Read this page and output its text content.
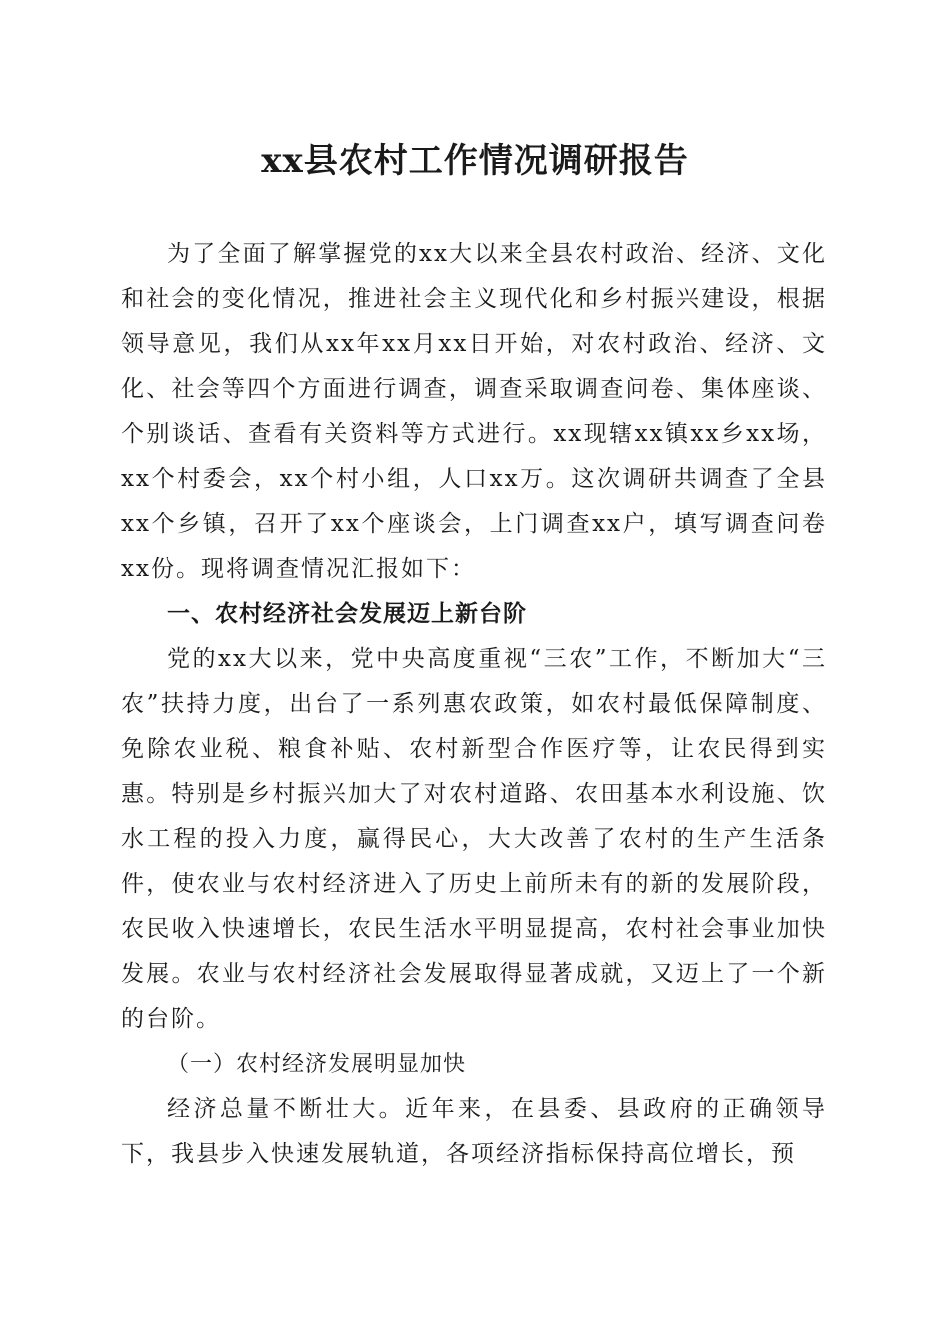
xx县农村工作情况调研报告

为了全面了解掌握党的xx大以来全县农村政治、经济、文化和社会的变化情况，推进社会主义现代化和乡村振兴建设，根据领导意见，我们从xx年xx月xx日开始，对农村政治、经济、文化、社会等四个方面进行调查，调查采取调查问卷、集体座谈、个别谈话、查看有关资料等方式进行。xx现辖xx镇xx乡xx场，xx个村委会，xx个村小组，人口xx万。这次调研共调查了全县xx个乡镇，召开了xx个座谈会，上门调查xx户，填写调查问卷xx份。现将调查情况汇报如下：

一、农村经济社会发展迈上新台阶

党的xx大以来，党中央高度重视“三农”工作，不断加大“三农”扶持力度，出台了一系列惠农政策，如农村最低保障制度、免除农业税、粮食补贴、农村新型合作医疗等，让农民得到实惠。特别是乡村振兴加大了对农村道路、农田基本水利设施、饮水工程的投入力度，赢得民心，大大改善了农村的生产生活条件，使农业与农村经济进入了历史上前所未有的新的发展阶段，农民收入快速增长，农民生活水平明显提高，农村社会事业加快发展。农业与农村经济社会发展取得显著成就，又迈上了一个新的台阶。

（一）农村经济发展明显加快

经济总量不断壮大。近年来，在县委、县政府的正确领导下，我县步入快速发展轨道，各项经济指标保持高位增长，预
